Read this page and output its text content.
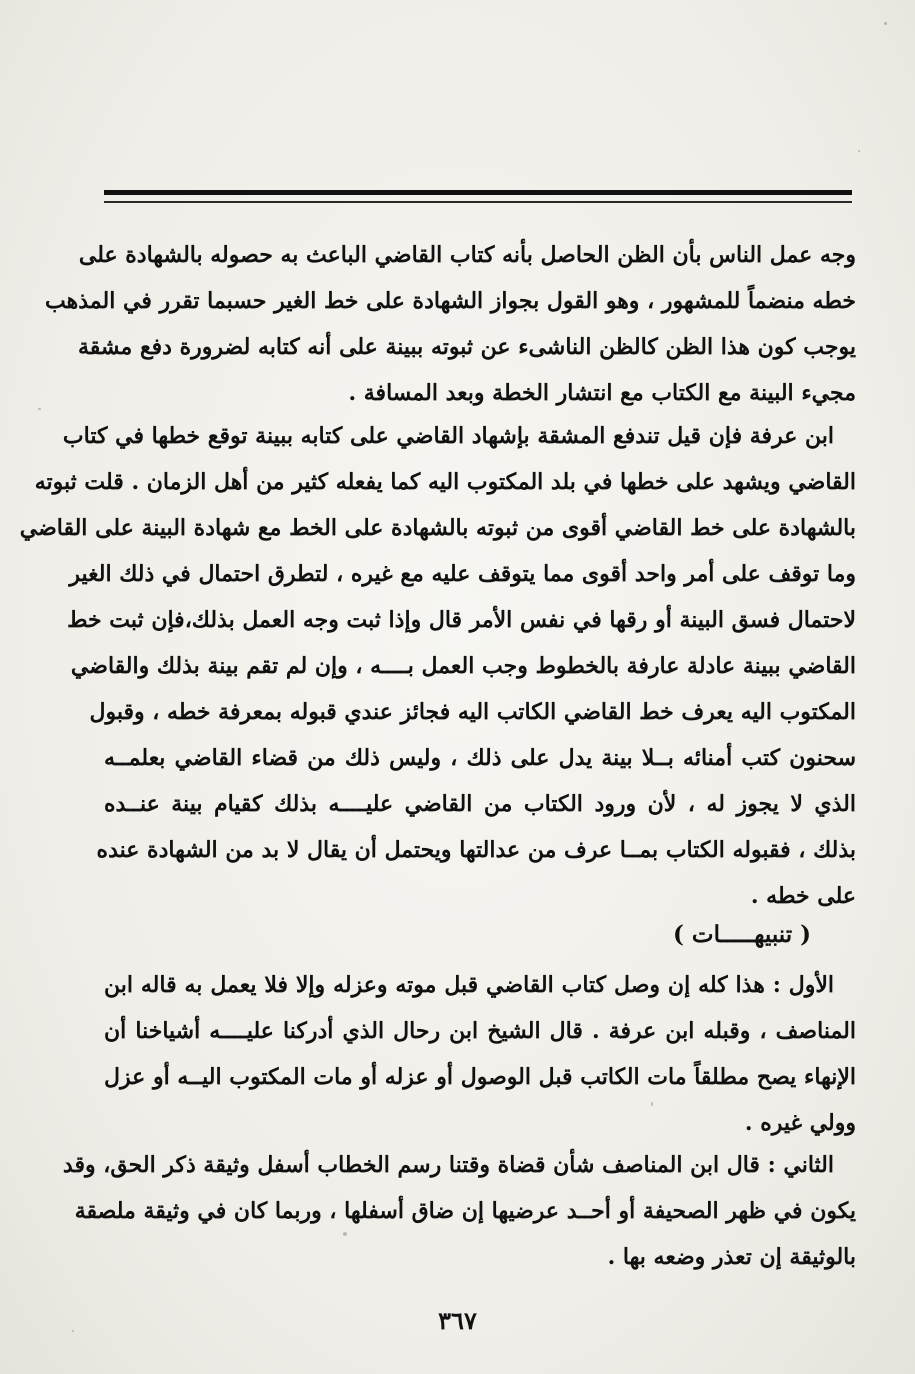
وجه عمل الناس بأن الظن الحاصل بأنه كتاب القاضي الباعث به حصوله بالشهادة على
خطه منضماً للمشهور ، وهو القول بجواز الشهادة على خط الغير حسبما تقرر في المذهب
يوجب كون هذا الظن كالظن الناشىء عن ثبوته ببينة على أنه كتابه لضرورة دفع مشقة
مجيء البينة مع الكتاب مع انتشار الخطة وبعد المسافة .
ابن عرفة فإن قيل تندفع المشقة بإشهاد القاضي على كتابه ببينة توقع خطها في كتاب
القاضي ويشهد على خطها في بلد المكتوب اليه كما يفعله كثير من أهل الزمان . قلت ثبوته
بالشهادة على خط القاضي أقوى من ثبوته بالشهادة على الخط مع شهادة البينة على القاضي
وما توقف على أمر واحد أقوى مما يتوقف عليه مع غيره ، لتطرق احتمال في ذلك الغير
لاحتمال فسق البينة أو رقها في نفس الأمر قال وإذا ثبت وجه العمل بذلك،فإن ثبت خط
القاضي ببينة عادلة عارفة بالخطوط وجب العمل بــــه ، وإن لم تقم بينة بذلك والقاضي
المكتوب اليه يعرف خط القاضي الكاتب اليه فجائز عندي قبوله بمعرفة خطه ، وقبول
سحنون كتب أمنائه بــلا بينة يدل على ذلك ، وليس ذلك من قضاء القاضي بعلمــه
الذي لا يجوز له ، لأن ورود الكتاب من القاضي عليــــه بذلك كقيام بينة عنــده
بذلك ، فقبوله الكتاب بمــا عرف من عدالتها ويحتمل أن يقال لا بد من الشهادة عنده
على خطه .
( تنبيهـــــات )
الأول : هذا كله إن وصل كتاب القاضي قبل موته وعزله وإلا فلا يعمل به قاله ابن
المناصف ، وقبله ابن عرفة . قال الشيخ ابن رحال الذي أدركنا عليــــه أشياخنا أن
الإنهاء يصح مطلقاً مات الكاتب قبل الوصول أو عزله أو مات المكتوب اليــه أو عزل
وولي غيره .
الثاني : قال ابن المناصف شأن قضاة وقتنا رسم الخطاب أسفل وثيقة ذكر الحق، وقد
يكون في ظهر الصحيفة أو أحــد عرضيها إن ضاق أسفلها ، وربما كان في وثيقة ملصقة
بالوثيقة إن تعذر وضعه بها .
٣٦٧
